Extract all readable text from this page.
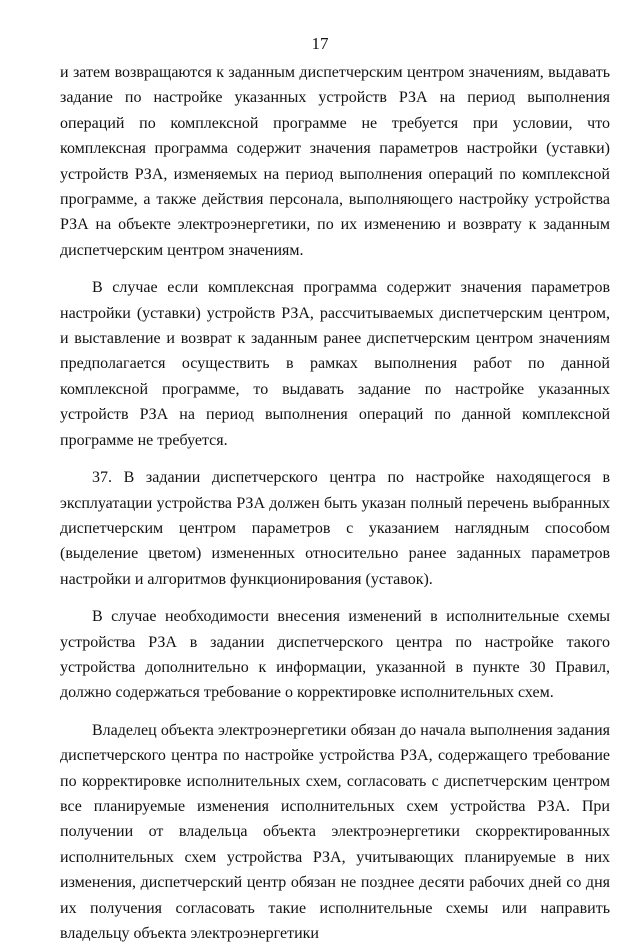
17

и затем возвращаются к заданным диспетчерским центром значениям, выдавать задание по настройке указанных устройств РЗА на период выполнения операций по комплексной программе не требуется при условии, что комплексная программа содержит значения параметров настройки (уставки) устройств РЗА, изменяемых на период выполнения операций по комплексной программе, а также действия персонала, выполняющего настройку устройства РЗА на объекте электроэнергетики, по их изменению и возврату к заданным диспетчерским центром значениям.

В случае если комплексная программа содержит значения параметров настройки (уставки) устройств РЗА, рассчитываемых диспетчерским центром, и выставление и возврат к заданным ранее диспетчерским центром значениям предполагается осуществить в рамках выполнения работ по данной комплексной программе, то выдавать задание по настройке указанных устройств РЗА на период выполнения операций по данной комплексной программе не требуется.

37. В задании диспетчерского центра по настройке находящегося в эксплуатации устройства РЗА должен быть указан полный перечень выбранных диспетчерским центром параметров с указанием наглядным способом (выделение цветом) измененных относительно ранее заданных параметров настройки и алгоритмов функционирования (уставок).

В случае необходимости внесения изменений в исполнительные схемы устройства РЗА в задании диспетчерского центра по настройке такого устройства дополнительно к информации, указанной в пункте 30 Правил, должно содержаться требование о корректировке исполнительных схем.

Владелец объекта электроэнергетики обязан до начала выполнения задания диспетчерского центра по настройке устройства РЗА, содержащего требование по корректировке исполнительных схем, согласовать с диспетчерским центром все планируемые изменения исполнительных схем устройства РЗА. При получении от владельца объекта электроэнергетики скорректированных исполнительных схем устройства РЗА, учитывающих планируемые в них изменения, диспетчерский центр обязан не позднее десяти рабочих дней со дня их получения согласовать такие исполнительные схемы или направить владельцу объекта электроэнергетики
